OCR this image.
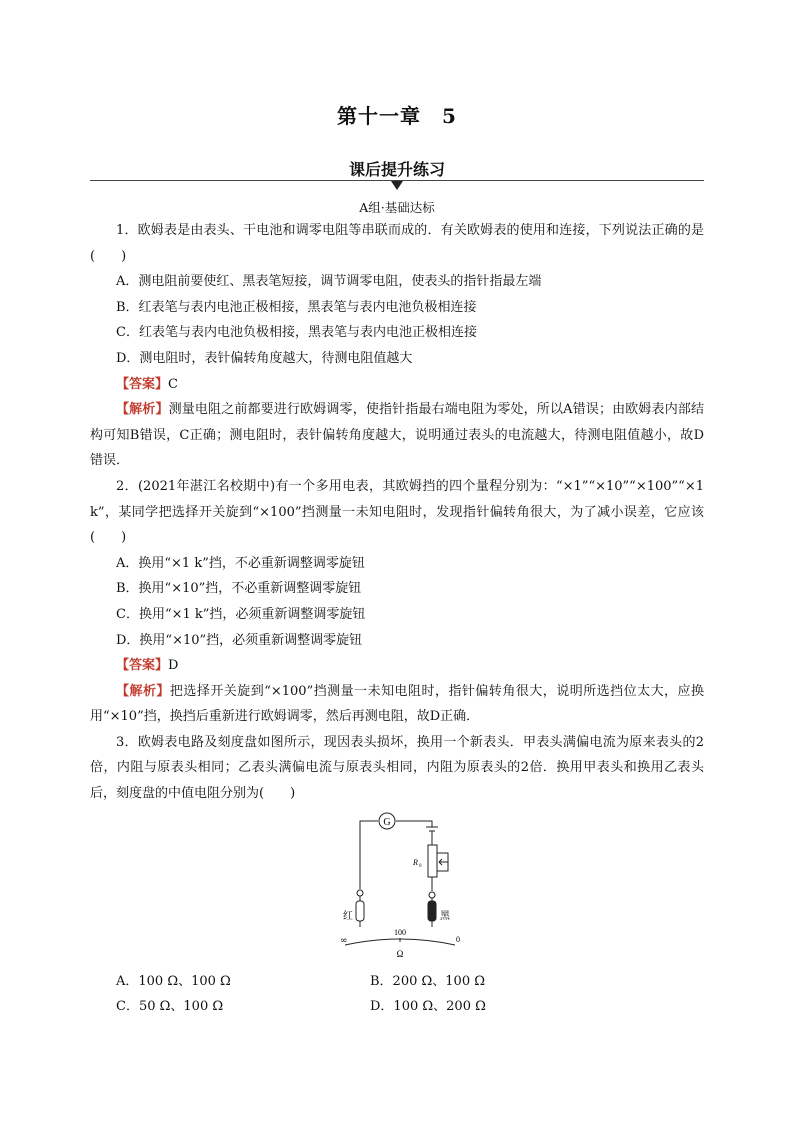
第十一章　5
课后提升练习
A组·基础达标

1．欧姆表是由表头、干电池和调零电阻等串联而成的．有关欧姆表的使用和连接，下列说法正确的是(　　)

A．测电阻前要使红、黑表笔短接，调节调零电阻，使表头的指针指最左端

B．红表笔与表内电池正极相接，黑表笔与表内电池负极相连接

C．红表笔与表内电池负极相接，黑表笔与表内电池正极相连接

D．测电阻时，表针偏转角度越大，待测电阻值越大

【答案】C

【解析】测量电阻之前都要进行欧姆调零，使指针指最右端电阻为零处，所以A错误；由欧姆表内部结构可知B错误，C正确；测电阻时，表针偏转角度越大，说明通过表头的电流越大，待测电阻值越小，故D错误．

2．(2021年湛江名校期中)有一个多用电表，其欧姆挡的四个量程分别为：“×1”“×10”“×100”“×1 k”，某同学把选择开关旋到“×100”挡测量一未知电阻时，发现指针偏转角很大，为了减小误差，它应该(　　)

A．换用“×1 k”挡，不必重新调整调零旋钮

B．换用“×10”挡，不必重新调整调零旋钮

C．换用“×1 k”挡，必须重新调整调零旋钮

D．换用“×10”挡，必须重新调整调零旋钮

【答案】D

【解析】把选择开关旋到“×100”挡测量一未知电阻时，指针偏转角很大，说明所选挡位太大，应换用“×10”挡，换挡后重新进行欧姆调零，然后再测电阻，故D正确．

3．欧姆表电路及刻度盘如图所示，现因表头损坏，换用一个新表头．甲表头满偏电流为原来表头的2倍，内阻与原表头相同；乙表头满偏电流与原表头相同，内阻为原表头的2倍．换用甲表头和换用乙表头后，刻度盘的中值电阻分别为(　　)

G
R 0
红	黑
∞
100
0
Ω
A．100 Ω、100 Ω	B．200 Ω、100 Ω
C．50 Ω、100 Ω	D．100 Ω、200 Ω
